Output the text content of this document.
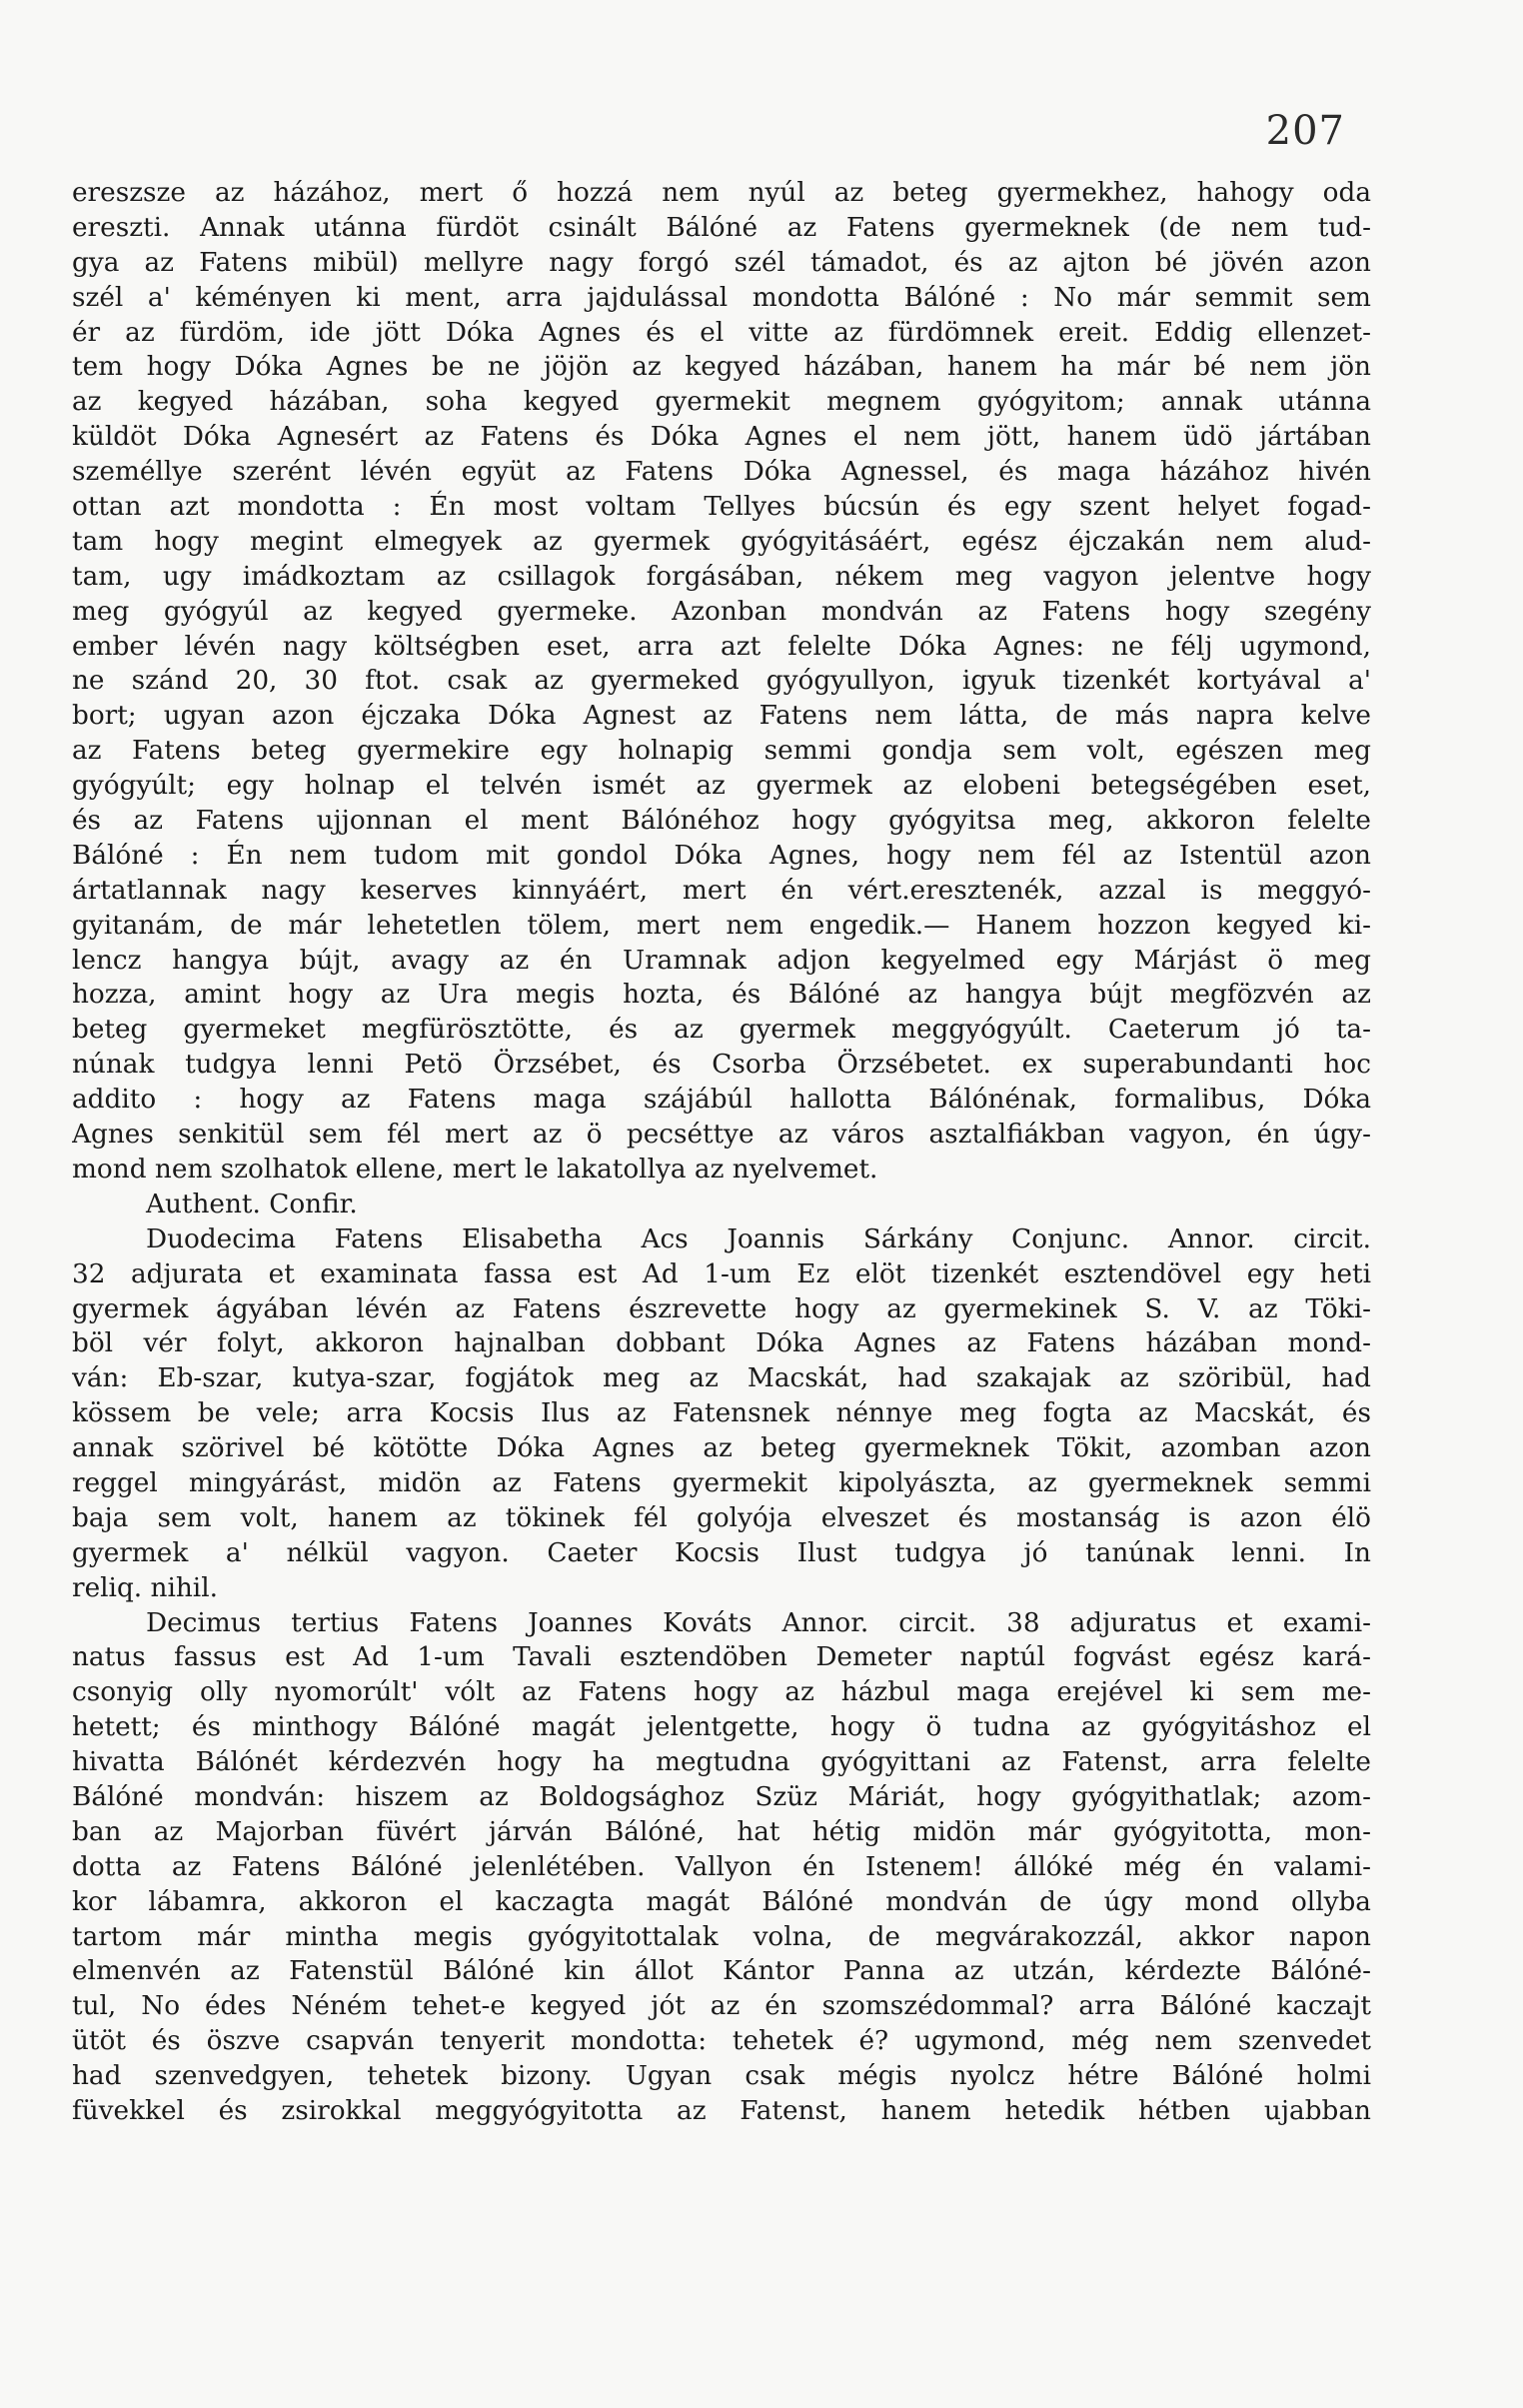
207
ereszsze az házához, mert ő hozzá nem nyúl az beteg gyermekhez, hahogy oda
ereszti. Annak utánna fürdöt csinált Bálóné az Fatens gyermeknek (de nem tud-
gya az Fatens mibül) mellyre nagy forgó szél támadot, és az ajton bé jövén azon
szél a' kéményen ki ment, arra jajdulással mondotta Bálóné : No már semmit sem
ér az fürdöm, ide jött Dóka Agnes és el vitte az fürdömnek ereit. Eddig ellenzet-
tem hogy Dóka Agnes be ne jöjön az kegyed házában, hanem ha már bé nem jön
az kegyed házában, soha kegyed gyermekit megnem gyógyitom; annak utánna
küldöt Dóka Agnesért az Fatens és Dóka Agnes el nem jött, hanem üdö jártában
személlye szerént lévén együt az Fatens Dóka Agnessel, és maga házához hivén
ottan azt mondotta : Én most voltam Tellyes búcsún és egy szent helyet fogad-
tam hogy megint elmegyek az gyermek gyógyitásáért, egész éjczakán nem alud-
tam, ugy imádkoztam az csillagok forgásában, nékem meg vagyon jelentve hogy
meg gyógyúl az kegyed gyermeke. Azonban mondván az Fatens hogy szegény
ember lévén nagy költségben eset, arra azt felelte Dóka Agnes: ne félj ugymond,
ne szánd 20, 30 ftot. csak az gyermeked gyógyullyon, igyuk tizenkét kortyával a'
bort; ugyan azon éjczaka Dóka Agnest az Fatens nem látta, de más napra kelve
az Fatens beteg gyermekire egy holnapig semmi gondja sem volt, egészen meg
gyógyúlt; egy holnap el telvén ismét az gyermek az elobeni betegségében eset,
és az Fatens ujjonnan el ment Bálónéhoz hogy gyógyitsa meg, akkoron felelte
Bálóné : Én nem tudom mit gondol Dóka Agnes, hogy nem fél az Istentül azon
ártatlannak nagy keserves kinnyáért, mert én vért.eresztenék, azzal is meggyó-
gyitanám, de már lehetetlen tölem, mert nem engedik.— Hanem hozzon kegyed ki-
lencz hangya bújt, avagy az én Uramnak adjon kegyelmed egy Márjást ö meg
hozza, amint hogy az Ura megis hozta, és Bálóné az hangya bújt megfözvén az
beteg gyermeket megfürösztötte, és az gyermek meggyógyúlt. Caeterum jó ta-
núnak tudgya lenni Petö Örzsébet, és Csorba Örzsébetet. ex superabundanti hoc
addito : hogy az Fatens maga szájábúl hallotta Bálónénak, formalibus, Dóka
Agnes senkitül sem fél mert az ö pecséttye az város asztalfiákban vagyon, én úgy-
mond nem szolhatok ellene, mert le lakatollya az nyelvemet.
Authent. Confir.
Duodecima Fatens Elisabetha Acs Joannis Sárkány Conjunc. Annor. circit.
32 adjurata et examinata fassa est Ad 1-um Ez elöt tizenkét esztendövel egy heti
gyermek ágyában lévén az Fatens észrevette hogy az gyermekinek S. V. az Töki-
böl vér folyt, akkoron hajnalban dobbant Dóka Agnes az Fatens házában mond-
ván: Eb-szar, kutya-szar, fogjátok meg az Macskát, had szakajak az szöribül, had
kössem be vele; arra Kocsis Ilus az Fatensnek nénnye meg fogta az Macskát, és
annak szörivel bé kötötte Dóka Agnes az beteg gyermeknek Tökit, azomban azon
reggel mingyárást, midön az Fatens gyermekit kipolyászta, az gyermeknek semmi
baja sem volt, hanem az tökinek fél golyója elveszet és mostanság is azon élö
gyermek a' nélkül vagyon. Caeter Kocsis Ilust tudgya jó tanúnak lenni. In
reliq. nihil.
Decimus tertius Fatens Joannes Kováts Annor. circit. 38 adjuratus et exami-
natus fassus est Ad 1-um Tavali esztendöben Demeter naptúl fogvást egész kará-
csonyig olly nyomorúlt' vólt az Fatens hogy az házbul maga erejével ki sem me-
hetett; és minthogy Bálóné magát jelentgette, hogy ö tudna az gyógyitáshoz el
hivatta Bálónét kérdezvén hogy ha megtudna gyógyittani az Fatenst, arra felelte
Bálóné mondván: hiszem az Boldogsághoz Szüz Máriát, hogy gyógyithatlak; azom-
ban az Majorban füvért járván Bálóné, hat hétig midön már gyógyitotta, mon-
dotta az Fatens Bálóné jelenlétében. Vallyon én Istenem! állóké még én valami-
kor lábamra, akkoron el kaczagta magát Bálóné mondván de úgy mond ollyba
tartom már mintha megis gyógyitottalak volna, de megvárakozzál, akkor napon
elmenvén az Fatenstül Bálóné kin állot Kántor Panna az utzán, kérdezte Bálóné-
tul, No édes Néném tehet-e kegyed jót az én szomszédommal? arra Bálóné kaczajt
ütöt és öszve csapván tenyerit mondotta: tehetek é? ugymond, még nem szenvedet
had szenvedgyen, tehetek bizony. Ugyan csak mégis nyolcz hétre Bálóné holmi
füvekkel és zsirokkal meggyógyitotta az Fatenst, hanem hetedik hétben ujabban
